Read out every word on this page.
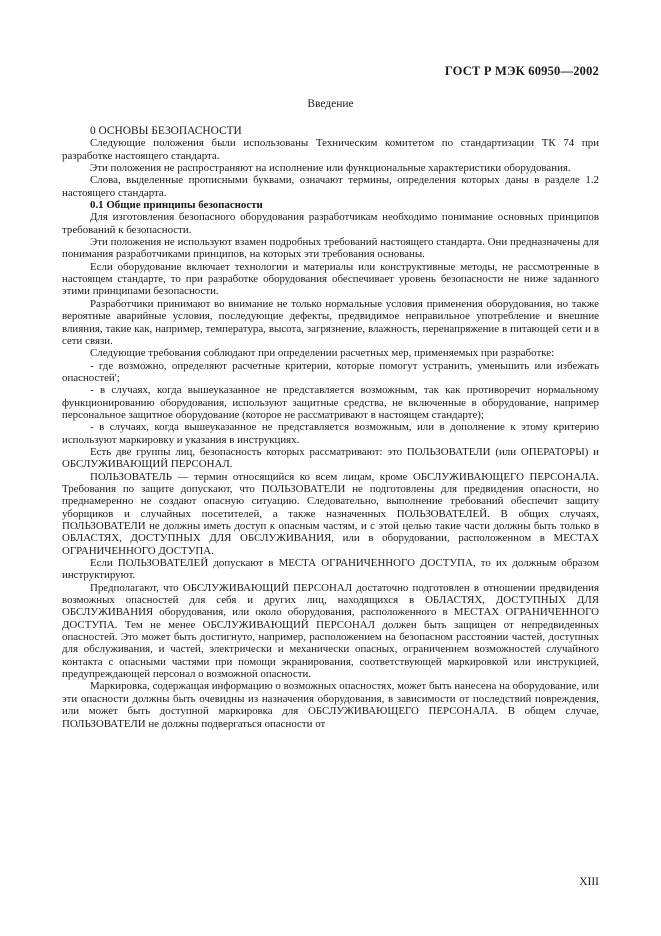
ГОСТ Р МЭК 60950—2002
Введение

0 ОСНОВЫ БЕЗОПАСНОСТИ

Следующие положения были использованы Техническим комитетом по стандартизации ТК 74 при разработке настоящего стандарта.

Эти положения не распространяют на исполнение или функциональные характеристики оборудования.

Слова, выделенные прописными буквами, означают термины, определения которых даны в разделе 1.2 настоящего стандарта.

0.1 Общие принципы безопасности

Для изготовления безопасного оборудования разработчикам необходимо понимание основных принципов требований к безопасности.

Эти положения не используют взамен подробных требований настоящего стандарта. Они предназначены для понимания разработчиками принципов, на которых эти требования основаны.

Если оборудование включает технологии и материалы или конструктивные методы, не рассмотренные в настоящем стандарте, то при разработке оборудования обеспечивает уровень безопасности не ниже заданного этими принципами безопасности.

Разработчики принимают во внимание не только нормальные условия применения оборудования, но также вероятные аварийные условия, последующие дефекты, предвидимое неправильное употребление и внешние влияния, такие как, например, температура, высота, загрязнение, влажность, перенапряжение в питающей сети и в сети связи.

Следующие требования соблюдают при определении расчетных мер, применяемых при разработке:

- где возможно, определяют расчетные критерии, которые помогут устранить, уменьшить или избежать опасностей';

- в случаях, когда вышеуказанное не представляется возможным, так как противоречит нормальному функционированию оборудования, используют защитные средства, не включенные в оборудование, например персональное защитное оборудование (которое не рассматривают в настоящем стандарте);

- в случаях, когда вышеуказанное не представляется возможным, или в дополнение к этому критерию используют маркировку и указания в инструкциях.

Есть две группы лиц, безопасность которых рассматривают: это ПОЛЬЗОВАТЕЛИ (или ОПЕРАТОРЫ) и ОБСЛУЖИВАЮЩИЙ ПЕРСОНАЛ.

ПОЛЬЗОВАТЕЛЬ — термин относящийся ко всем лицам, кроме ОБСЛУЖИВАЮЩЕГО ПЕРСОНАЛА. Требования по защите допускают, что ПОЛЬЗОВАТЕЛИ не подготовлены для предвидения опасности, но преднамеренно не создают опасную ситуацию. Следовательно, выполнение требований обеспечит защиту уборщиков и случайных посетителей, а также назначенных ПОЛЬЗОВАТЕЛЕЙ. В общих случаях, ПОЛЬЗОВАТЕЛИ не должны иметь доступ к опасным частям, и с этой целью такие части должны быть только в ОБЛАСТЯХ, ДОСТУПНЫХ ДЛЯ ОБСЛУЖИВАНИЯ, или в оборудовании, расположенном в МЕСТАХ ОГРАНИЧЕННОГО ДОСТУПА.

Если ПОЛЬЗОВАТЕЛЕЙ допускают в МЕСТА ОГРАНИЧЕННОГО ДОСТУПА, то их должным образом инструктируют.

Предполагают, что ОБСЛУЖИВАЮЩИЙ ПЕРСОНАЛ достаточно подготовлен в отношении предвидения возможных опасностей для себя и других лиц, находящихся в ОБЛАСТЯХ, ДОСТУПНЫХ ДЛЯ ОБСЛУЖИВАНИЯ оборудования, или около оборудования, расположенного в МЕСТАХ ОГРАНИЧЕННОГО ДОСТУПА. Тем не менее ОБСЛУЖИВАЮЩИЙ ПЕРСОНАЛ должен быть защищен от непредвиденных опасностей. Это может быть достигнуто, например, расположением на безопасном расстоянии частей, доступных для обслуживания, и частей, электрически и механически опасных, ограничением возможностей случайного контакта с опасными частями при помощи экранирования, соответствующей маркировкой или инструкцией, предупреждающей персонал о возможной опасности.

Маркировка, содержащая информацию о возможных опасностях, может быть нанесена на оборудование, или эти опасности должны быть очевидны из назначения оборудования, в зависимости от последствий повреждения, или может быть доступной маркировка для ОБСЛУЖИВАЮЩЕГО ПЕРСОНАЛА. В общем случае, ПОЛЬЗОВАТЕЛИ не должны подвергаться опасности от

XIII
